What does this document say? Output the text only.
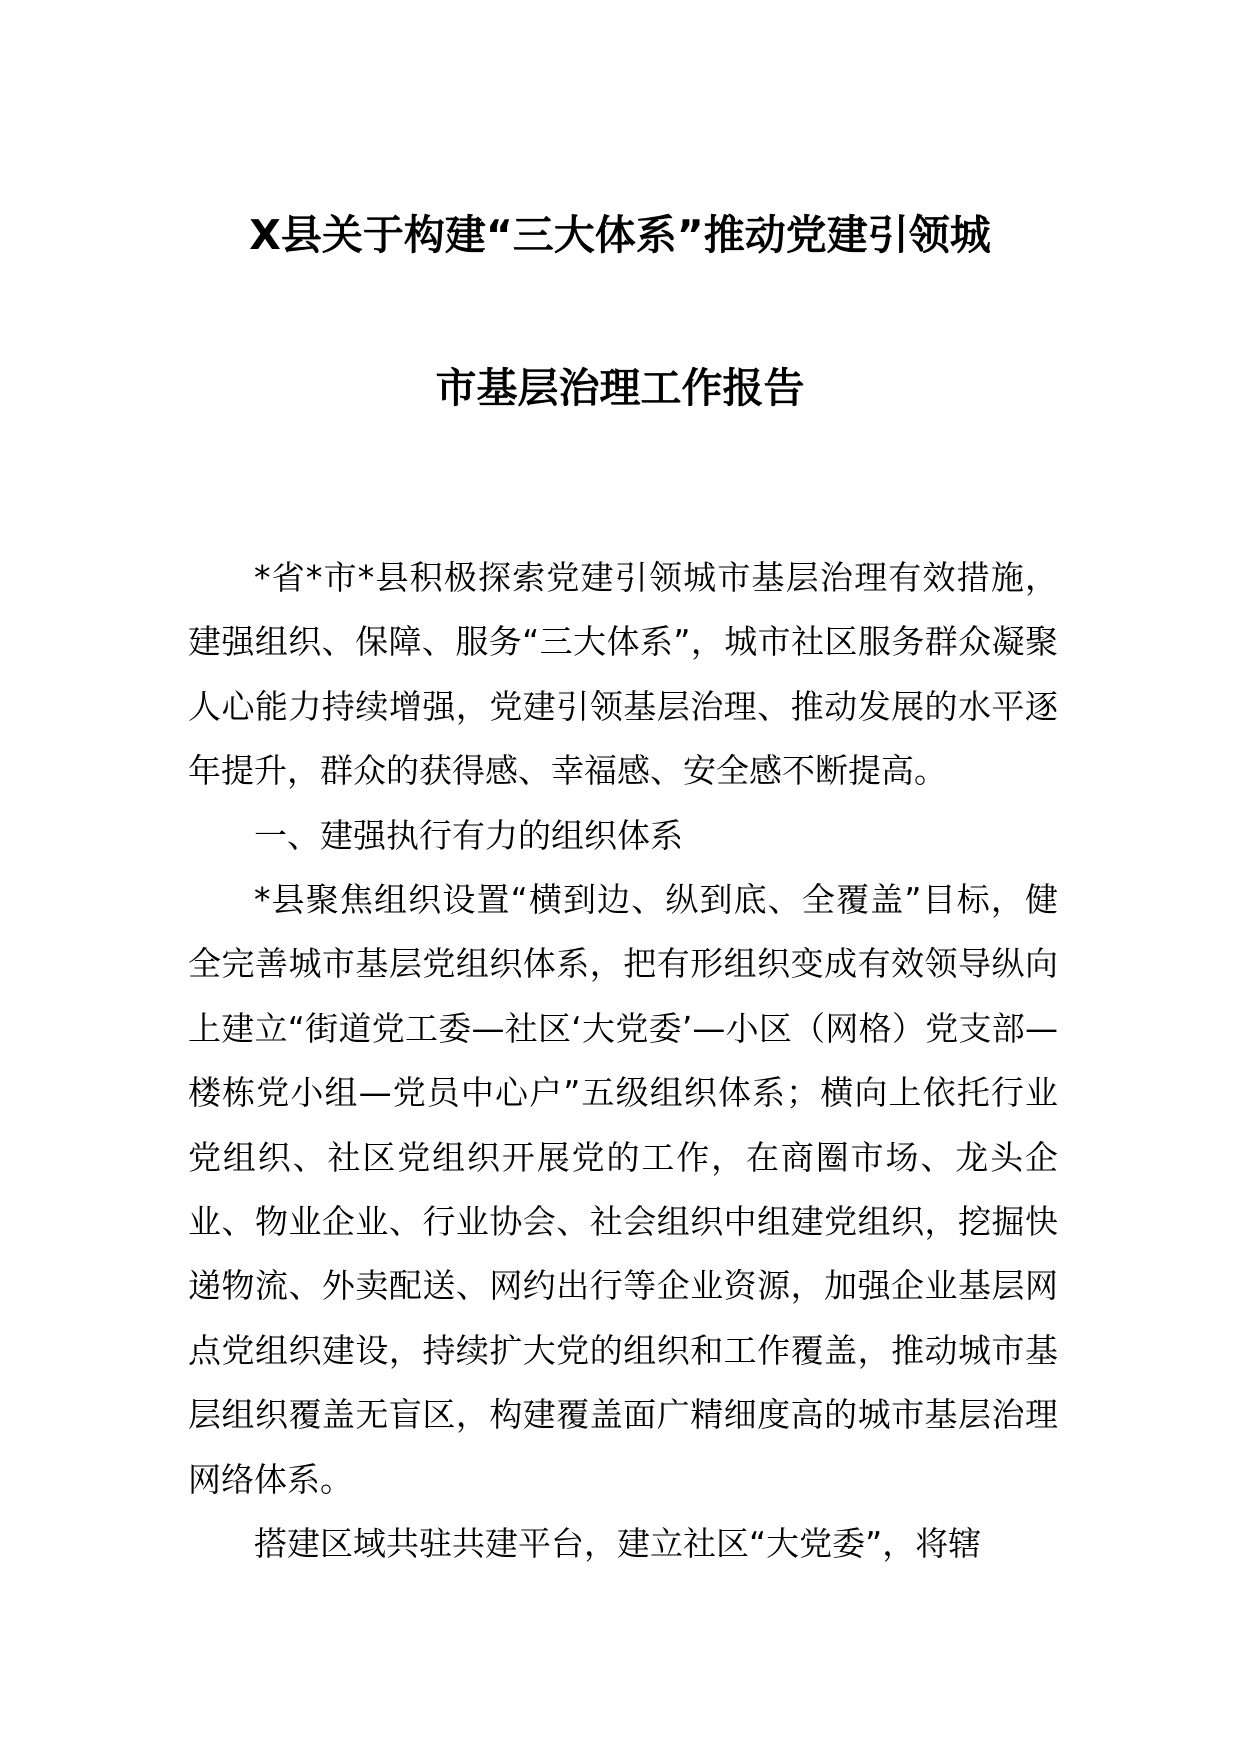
X县关于构建“三大体系”推动党建引领城
市基层治理工作报告

*省*市*县积极探索党建引领城市基层治理有效措施，建强组织、保障、服务“三大体系”，城市社区服务群众凝聚人心能力持续增强，党建引领基层治理、推动发展的水平逐年提升，群众的获得感、幸福感、安全感不断提高。

一、建强执行有力的组织体系

*县聚焦组织设置“横到边、纵到底、全覆盖”目标，健全完善城市基层党组织体系，把有形组织变成有效领导纵向上建立“街道党工委—社区‘大党委’—小区（网格）党支部—楼栋党小组—党员中心户”五级组织体系；横向上依托行业党组织、社区党组织开展党的工作，在商圈市场、龙头企业、物业企业、行业协会、社会组织中组建党组织，挖掘快递物流、外卖配送、网约出行等企业资源，加强企业基层网点党组织建设，持续扩大党的组织和工作覆盖，推动城市基层组织覆盖无盲区，构建覆盖面广精细度高的城市基层治理网络体系。

搭建区域共驻共建平台，建立社区“大党委”，将辖
